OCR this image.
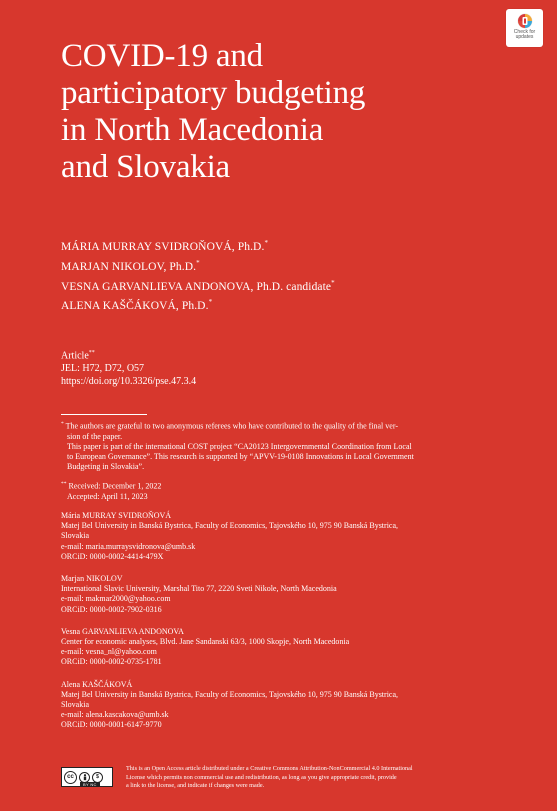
Check for updates
COVID-19 and
participatory budgeting
in North Macedonia
and Slovakia
MÁRIA MURRAY SVIDROŇOVÁ, Ph.D.*
MARJAN NIKOLOV, Ph.D.*
VESNA GARVANLIEVA ANDONOVA, Ph.D. candidate*
ALENA KAŠČÁKOVÁ, Ph.D.*
Article**
JEL: H72, D72, O57
https://doi.org/10.3326/pse.47.3.4

* The authors are grateful to two anonymous referees who have contributed to the quality of the final ver-
sion of the paper.
This paper is part of the international COST project “CA20123 Intergovernmental Coordination from Local
to European Governance”. This research is supported by “APVV-19-0108 Innovations in Local Government
Budgeting in Slovakia”.

** Received: December 1, 2022
Accepted: April 11, 2023

Mária MURRAY SVIDROŇOVÁ
Matej Bel University in Banská Bystrica, Faculty of Economics, Tajovského 10, 975 90 Banská Bystrica,
Slovakia
e-mail: maria.murraysvidronova@umb.sk
ORCiD: 0000-0002-4414-479X
Marjan NIKOLOV
International Slavic University, Marshal Tito 77, 2220 Sveti Nikole, North Macedonia
e-mail: makmar2000@yahoo.com
ORCiD: 0000-0002-7902-0316
Vesna GARVANLIEVA ANDONOVA
Center for economic analyses, Blvd. Jane Sandanski 63/3, 1000 Skopje, North Macedonia
e-mail: vesna_nl@yahoo.com
ORCiD: 0000-0002-0735-1781
Alena KAŠČÁKOVÁ
Matej Bel University in Banská Bystrica, Faculty of Economics, Tajovského 10, 975 90 Banská Bystrica,
Slovakia
e-mail: alena.kascakova@umb.sk
ORCiD: 0000-0001-6147-9770
cc	$
BY NC
This is an Open Access article distributed under a Creative Commons Attribution-NonCommercial 4.0 International
License which permits non commercial use and redistribution, as long as you give appropriate credit, provide
a link to the license, and indicate if changes were made.
